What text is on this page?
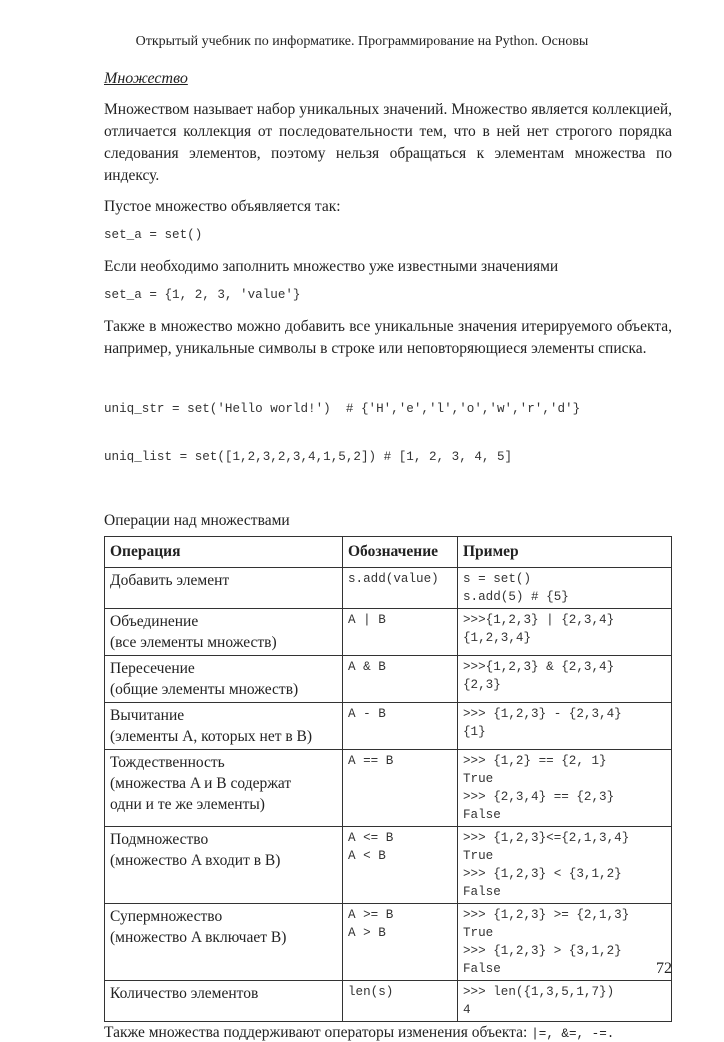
Открытый учебник по информатике. Программирование на Python. Основы
Множество

Множеством называет набор уникальных значений. Множество является коллекцией, отличается коллекция от последовательности тем, что в ней нет строгого порядка следования элементов, поэтому нельзя обращаться к элементам множества по индексу.

Пустое множество объявляется так:

set_a = set()

Если необходимо заполнить множество уже известными значениями

set_a = {1, 2, 3, 'value'}

Также в множество можно добавить все уникальные значения итерируемого объекта, например, уникальные символы в строке или неповторяющиеся элементы списка.

uniq_str = set('Hello world!')  # {'H','e','l','o','w','r','d'}

uniq_list = set([1,2,3,2,3,4,1,5,2]) # [1, 2, 3, 4, 5]

Операции над множествами

Операция	Обозначение	Пример

Добавить элемент	s.add(value)	s = set()
s.add(5) # {5}

Объединение
(все элементы множеств)	A | B	>>>{1,2,3} | {2,3,4}
{1,2,3,4}

Пересечение
(общие элементы множеств)	A & B	>>>{1,2,3} & {2,3,4}
{2,3}

Вычитание
(элементы A, которых нет в B)	A - B	>>> {1,2,3} - {2,3,4}
{1}

Тождественность
(множества A и B содержат
одни и те же элементы)	A == B	>>> {1,2} == {2, 1}
True
>>> {2,3,4} == {2,3}
False

Подмножество
(множество A входит в B)	A <= B
A < B	>>> {1,2,3}<={2,1,3,4}
True
>>> {1,2,3} < {3,1,2}
False

Супермножество
(множество A включает B)	A >= B
A > B	>>> {1,2,3} >= {2,1,3}
True
>>> {1,2,3} > {3,1,2}
False

Количество элементов	len(s)	>>> len({1,3,5,1,7})
4
Также множества поддерживают операторы изменения объекта: |=, &=, -=.
72
